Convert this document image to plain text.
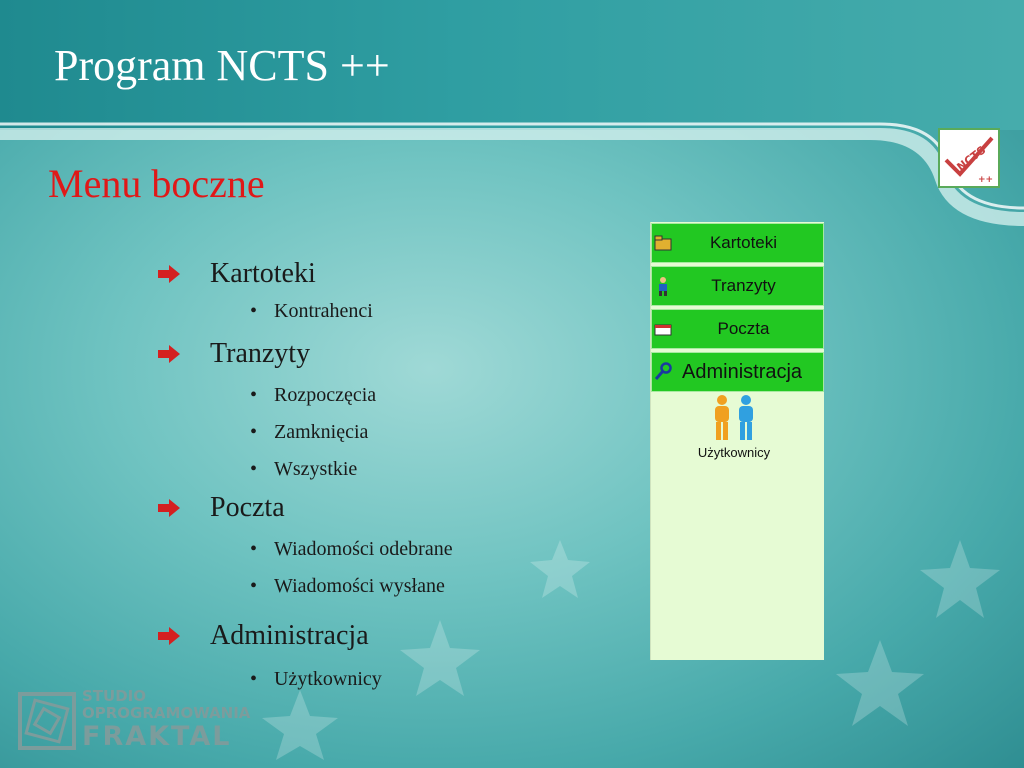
Program NCTS ++
Menu boczne
NCTS
++
Kartoteki
• Kontrahenci
Tranzyty
• Rozpoczęcia
• Zamknięcia
• Wszystkie
Poczta
• Wiadomości odebrane
• Wiadomości wysłane
Administracja
• Użytkownicy
Kartoteki
Tranzyty
Poczta
Administracja
Użytkownicy
STUDIO
OPROGRAMOWANIA
FRAKTAL
